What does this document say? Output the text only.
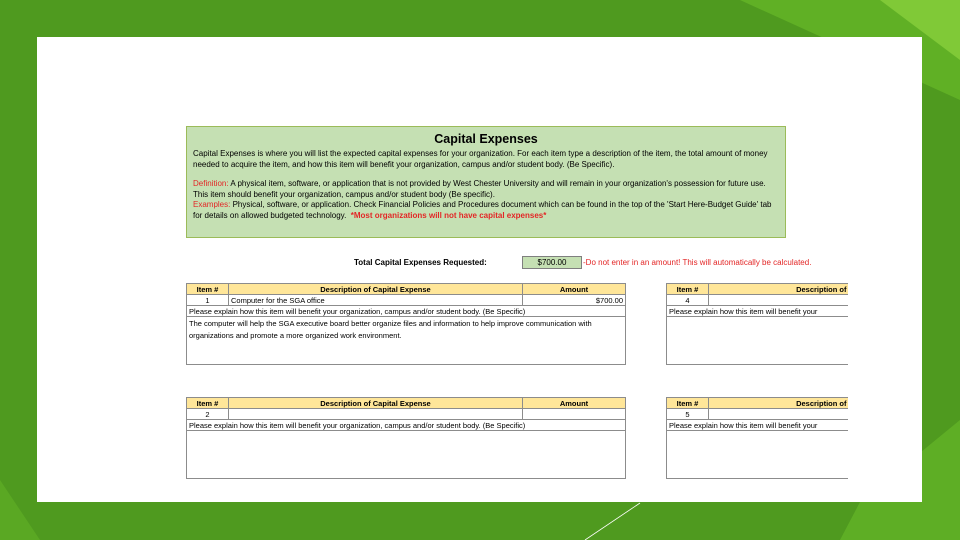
Capital Expenses
Capital Expenses is where you will list the expected capital expenses for your organization. For each item type a description of the item, the total amount of money needed to acquire the item, and how this item will benefit your organization, campus and/or student body. (Be Specific).
Definition: A physical item, software, or application that is not provided by West Chester University and will remain in your organization's possession for future use. This item should benefit your organization, campus and/or student body (Be specific).
Examples: Physical, software, or application. Check Financial Policies and Procedures document which can be found in the top of the 'Start Here-Budget Guide' tab for details on allowed budgeted technology. *Most organizations will not have capital expenses*
Total Capital Expenses Requested:	$700.00	-Do not enter in an amount! This will automatically be calculated.
Item #	Description of Capital Expense	Amount
1	Computer for the SGA office	$700.00
Please explain how this item will benefit your organization, campus and/or student body. (Be Specific)		
The computer will help the SGA executive board better organize files and information to help improve communication with organizations and promote a more organized work environment.		
Item #	Description of Capital Expense	Amount
2		
Please explain how this item will benefit your organization, campus and/or student body. (Be Specific)		

Item #	Description of
4	
Please explain how this item will benefit your	

Item #	Description of
5	
Please explain how this item will benefit your	
